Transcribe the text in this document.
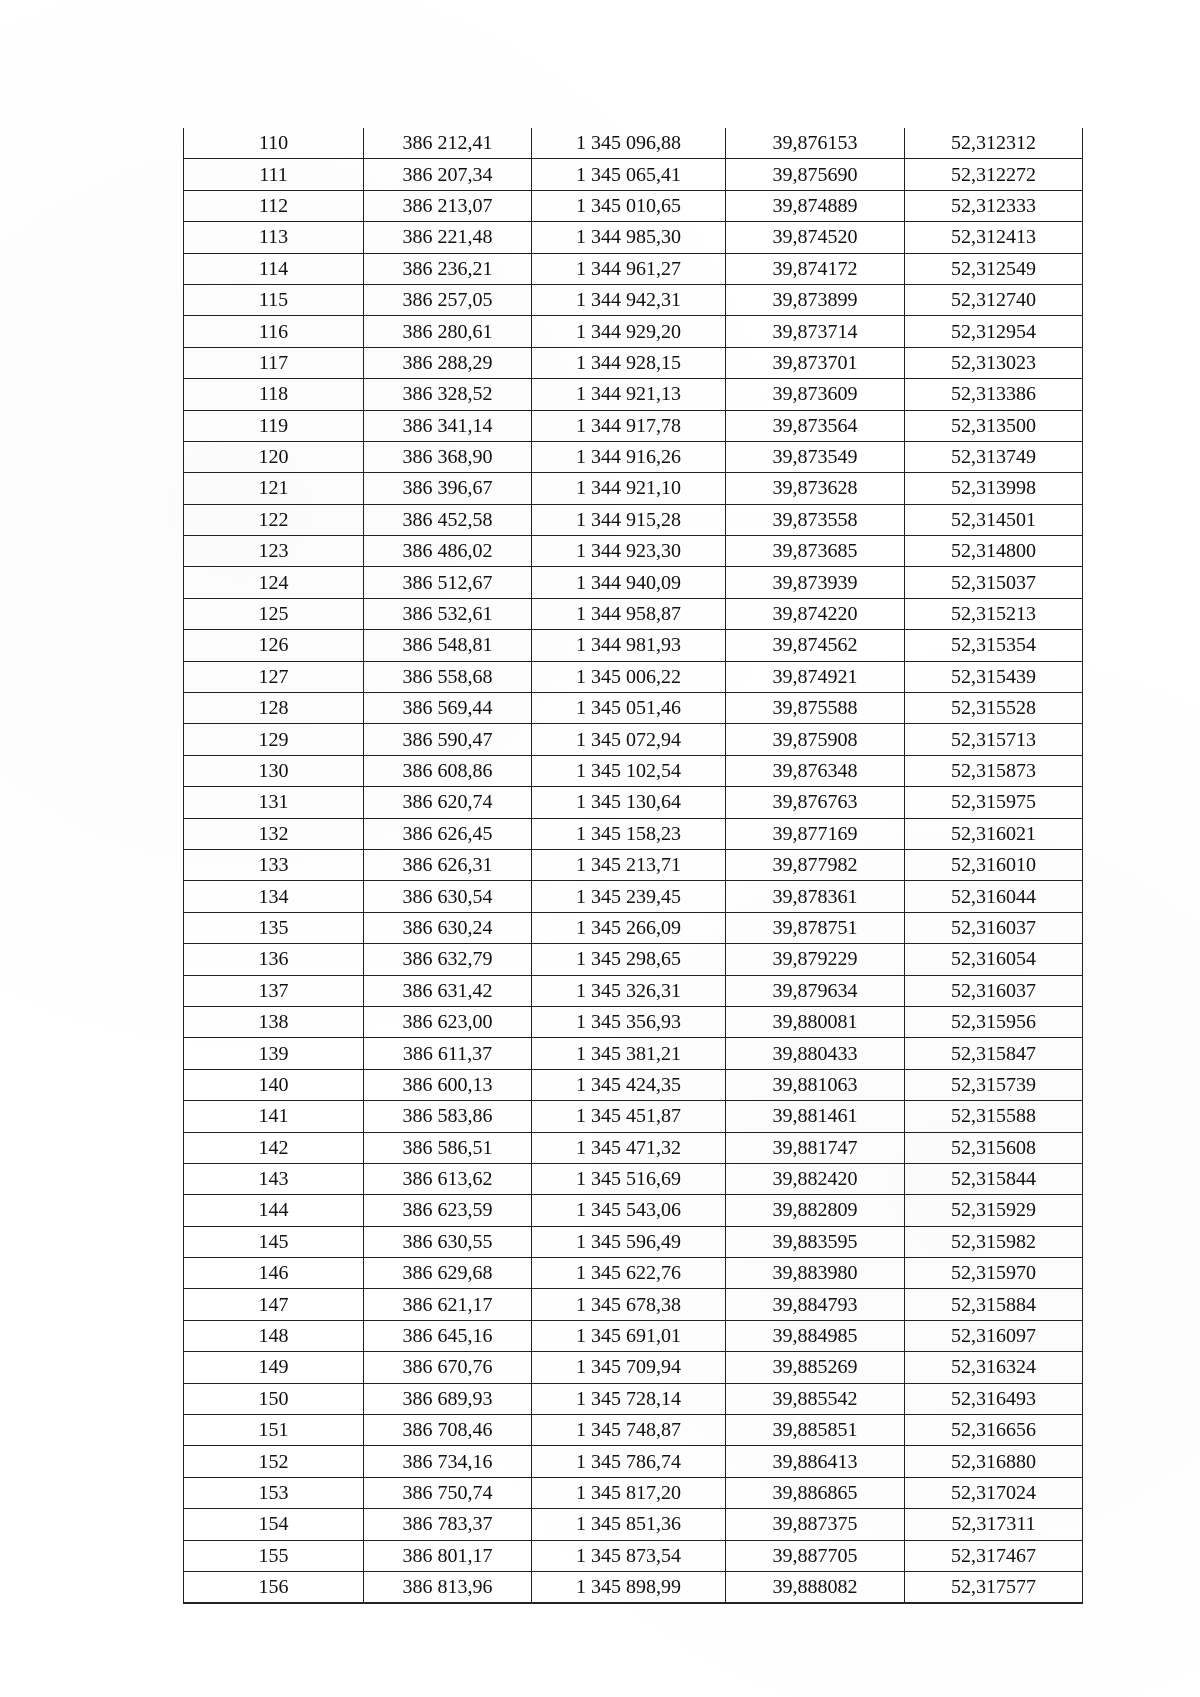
110	386 212,41	1 345 096,88	39,876153	52,312312
111	386 207,34	1 345 065,41	39,875690	52,312272
112	386 213,07	1 345 010,65	39,874889	52,312333
113	386 221,48	1 344 985,30	39,874520	52,312413
114	386 236,21	1 344 961,27	39,874172	52,312549
115	386 257,05	1 344 942,31	39,873899	52,312740
116	386 280,61	1 344 929,20	39,873714	52,312954
117	386 288,29	1 344 928,15	39,873701	52,313023
118	386 328,52	1 344 921,13	39,873609	52,313386
119	386 341,14	1 344 917,78	39,873564	52,313500
120	386 368,90	1 344 916,26	39,873549	52,313749
121	386 396,67	1 344 921,10	39,873628	52,313998
122	386 452,58	1 344 915,28	39,873558	52,314501
123	386 486,02	1 344 923,30	39,873685	52,314800
124	386 512,67	1 344 940,09	39,873939	52,315037
125	386 532,61	1 344 958,87	39,874220	52,315213
126	386 548,81	1 344 981,93	39,874562	52,315354
127	386 558,68	1 345 006,22	39,874921	52,315439
128	386 569,44	1 345 051,46	39,875588	52,315528
129	386 590,47	1 345 072,94	39,875908	52,315713
130	386 608,86	1 345 102,54	39,876348	52,315873
131	386 620,74	1 345 130,64	39,876763	52,315975
132	386 626,45	1 345 158,23	39,877169	52,316021
133	386 626,31	1 345 213,71	39,877982	52,316010
134	386 630,54	1 345 239,45	39,878361	52,316044
135	386 630,24	1 345 266,09	39,878751	52,316037
136	386 632,79	1 345 298,65	39,879229	52,316054
137	386 631,42	1 345 326,31	39,879634	52,316037
138	386 623,00	1 345 356,93	39,880081	52,315956
139	386 611,37	1 345 381,21	39,880433	52,315847
140	386 600,13	1 345 424,35	39,881063	52,315739
141	386 583,86	1 345 451,87	39,881461	52,315588
142	386 586,51	1 345 471,32	39,881747	52,315608
143	386 613,62	1 345 516,69	39,882420	52,315844
144	386 623,59	1 345 543,06	39,882809	52,315929
145	386 630,55	1 345 596,49	39,883595	52,315982
146	386 629,68	1 345 622,76	39,883980	52,315970
147	386 621,17	1 345 678,38	39,884793	52,315884
148	386 645,16	1 345 691,01	39,884985	52,316097
149	386 670,76	1 345 709,94	39,885269	52,316324
150	386 689,93	1 345 728,14	39,885542	52,316493
151	386 708,46	1 345 748,87	39,885851	52,316656
152	386 734,16	1 345 786,74	39,886413	52,316880
153	386 750,74	1 345 817,20	39,886865	52,317024
154	386 783,37	1 345 851,36	39,887375	52,317311
155	386 801,17	1 345 873,54	39,887705	52,317467
156	386 813,96	1 345 898,99	39,888082	52,317577
